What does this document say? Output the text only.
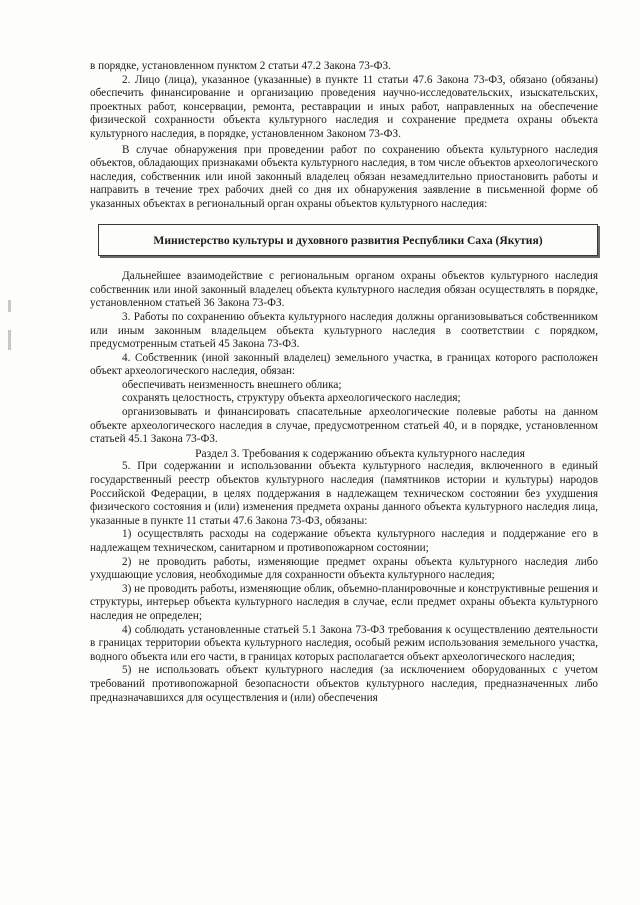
в порядке, установленном пунктом 2 статьи 47.2 Закона 73-ФЗ.

2. Лицо (лица), указанное (указанные) в пункте 11 статьи 47.6 Закона 73-ФЗ, обязано (обязаны) обеспечить финансирование и организацию проведения научно-исследовательских, изыскательских, проектных работ, консервации, ремонта, реставрации и иных работ, направленных на обеспечение физической сохранности объекта культурного наследия и сохранение предмета охраны объекта культурного наследия, в порядке, установленном Законом 73-ФЗ.

В случае обнаружения при проведении работ по сохранению объекта культурного наследия объектов, обладающих признаками объекта культурного наследия, в том числе объектов археологического наследия, собственник или иной законный владелец обязан незамедлительно приостановить работы и направить в течение трех рабочих дней со дня их обнаружения заявление в письменной форме об указанных объектах в региональный орган охраны объектов культурного наследия:

Министерство культуры и духовного развития Республики Саха (Якутия)

Дальнейшее взаимодействие с региональным органом охраны объектов культурного наследия собственник или иной законный владелец объекта культурного наследия обязан осуществлять в порядке, установленном статьей 36 Закона 73-ФЗ.

3. Работы по сохранению объекта культурного наследия должны организовываться собственником или иным законным владельцем объекта культурного наследия в соответствии с порядком, предусмотренным статьей 45 Закона 73-ФЗ.

4. Собственник (иной законный владелец) земельного участка, в границах которого расположен объект археологического наследия, обязан:

обеспечивать неизменность внешнего облика;

сохранять целостность, структуру объекта археологического наследия;

организовывать и финансировать спасательные археологические полевые работы на данном объекте археологического наследия в случае, предусмотренном статьей 40, и в порядке, установленном статьей 45.1 Закона 73-ФЗ.

Раздел 3. Требования к содержанию объекта культурного наследия

5. При содержании и использовании объекта культурного наследия, включенного в единый государственный реестр объектов культурного наследия (памятников истории и культуры) народов Российской Федерации, в целях поддержания в надлежащем техническом состоянии без ухудшения физического состояния и (или) изменения предмета охраны данного объекта культурного наследия лица, указанные в пункте 11 статьи 47.6 Закона 73-ФЗ, обязаны:

1) осуществлять расходы на содержание объекта культурного наследия и поддержание его в надлежащем техническом, санитарном и противопожарном состоянии;

2) не проводить работы, изменяющие предмет охраны объекта культурного наследия либо ухудшающие условия, необходимые для сохранности объекта культурного наследия;

3) не проводить работы, изменяющие облик, объемно-планировочные и конструктивные решения и структуры, интерьер объекта культурного наследия в случае, если предмет охраны объекта культурного наследия не определен;

4) соблюдать установленные статьей 5.1 Закона 73-ФЗ требования к осуществлению деятельности в границах территории объекта культурного наследия, особый режим использования земельного участка, водного объекта или его части, в границах которых располагается объект археологического наследия;

5) не использовать объект культурного наследия (за исключением оборудованных с учетом требований противопожарной безопасности объектов культурного наследия, предназначенных либо предназначавшихся для осуществления и (или) обеспечения
